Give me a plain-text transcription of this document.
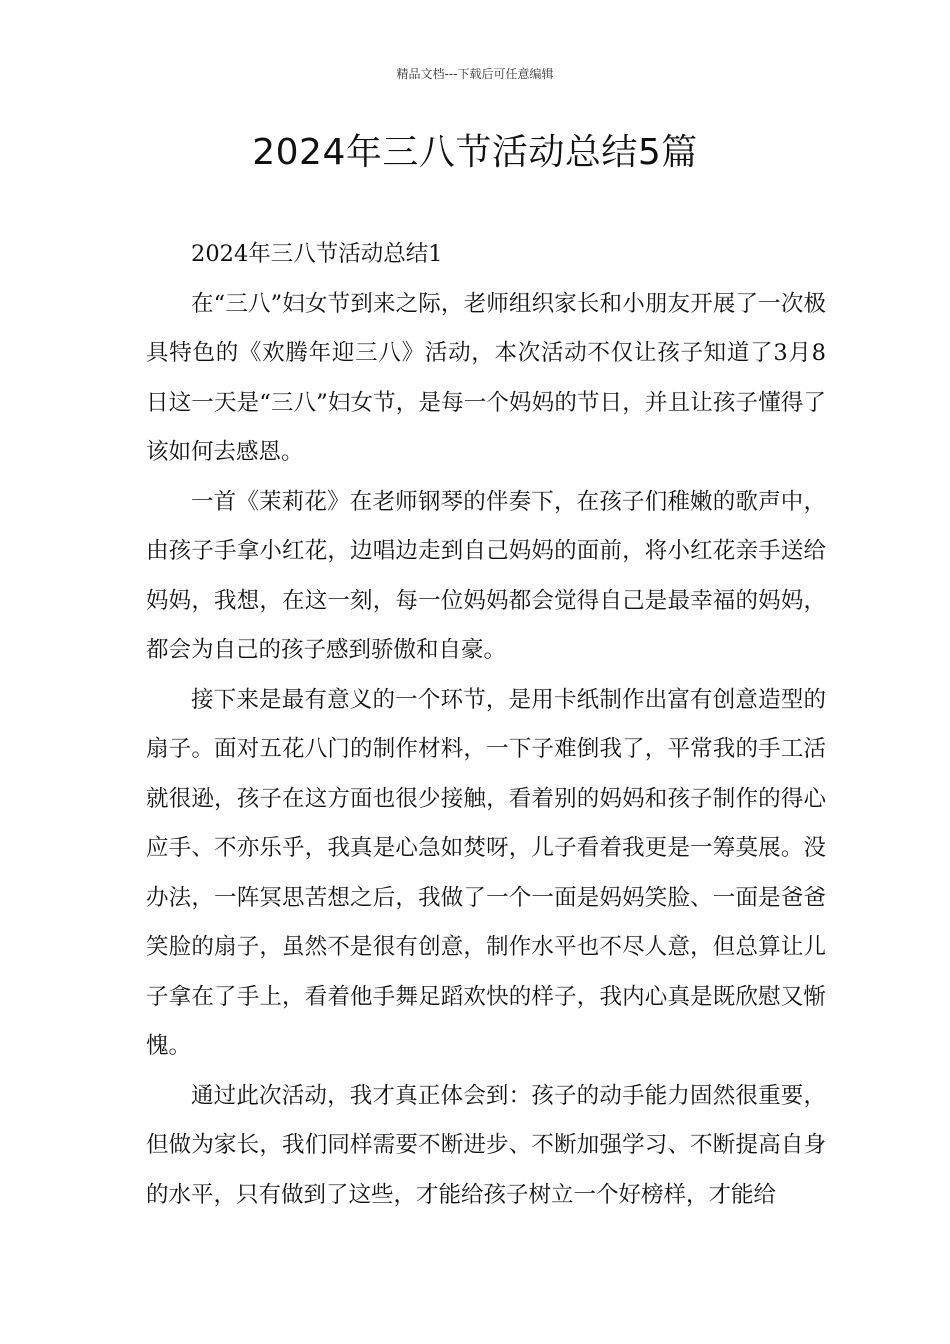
精品文档---下载后可任意编辑
2024年三八节活动总结5篇

2024年三八节活动总结1

在“三八”妇女节到来之际，老师组织家长和小朋友开展了一次极具特色的《欢腾年迎三八》活动，本次活动不仅让孩子知道了3月8日这一天是“三八”妇女节，是每一个妈妈的节日，并且让孩子懂得了该如何去感恩。

一首《茉莉花》在老师钢琴的伴奏下，在孩子们稚嫩的歌声中，由孩子手拿小红花，边唱边走到自己妈妈的面前，将小红花亲手送给妈妈，我想，在这一刻，每一位妈妈都会觉得自己是最幸福的妈妈，都会为自己的孩子感到骄傲和自豪。

接下来是最有意义的一个环节，是用卡纸制作出富有创意造型的扇子。面对五花八门的制作材料，一下子难倒我了，平常我的手工活就很逊，孩子在这方面也很少接触，看着别的妈妈和孩子制作的得心应手、不亦乐乎，我真是心急如焚呀，儿子看着我更是一筹莫展。没办法，一阵冥思苦想之后，我做了一个一面是妈妈笑脸、一面是爸爸笑脸的扇子，虽然不是很有创意，制作水平也不尽人意，但总算让儿子拿在了手上，看着他手舞足蹈欢快的样子，我内心真是既欣慰又惭愧。

通过此次活动，我才真正体会到：孩子的动手能力固然很重要，但做为家长，我们同样需要不断进步、不断加强学习、不断提高自身的水平，只有做到了这些，才能给孩子树立一个好榜样，才能给
